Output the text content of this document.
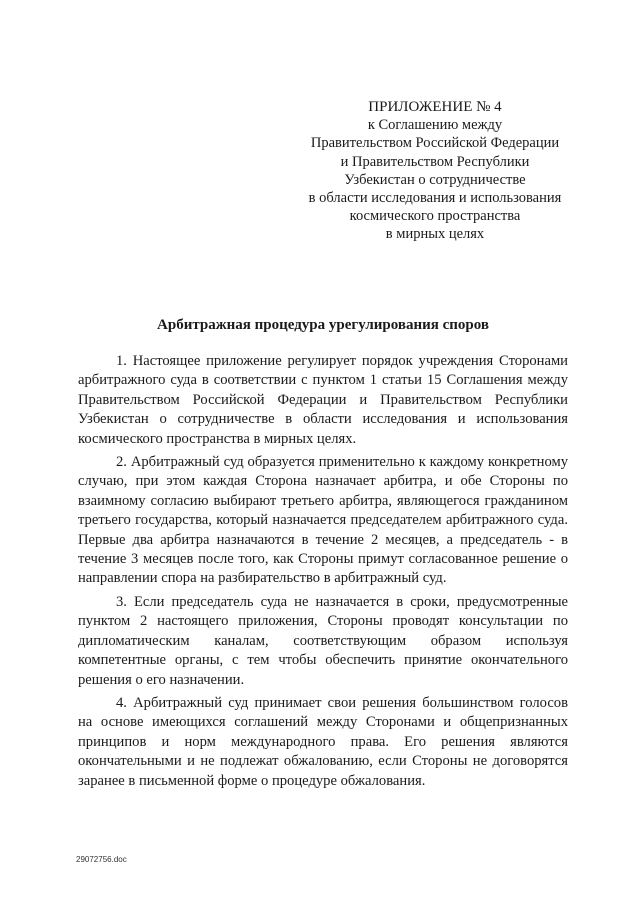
ПРИЛОЖЕНИЕ № 4
к Соглашению между
Правительством Российской Федерации
и Правительством Республики
Узбекистан о сотрудничестве
в области исследования и использования
космического пространства
в мирных целях
Арбитражная процедура урегулирования споров

1. Настоящее приложение регулирует порядок учреждения Сторонами арбитражного суда в соответствии с пунктом 1 статьи 15 Соглашения между Правительством Российской Федерации и Правительством Республики Узбекистан о сотрудничестве в области исследования и использования космического пространства в мирных целях.

2. Арбитражный суд образуется применительно к каждому конкретному случаю, при этом каждая Сторона назначает арбитра, и обе Стороны по взаимному согласию выбирают третьего арбитра, являющегося гражданином третьего государства, который назначается председателем арбитражного суда. Первые два арбитра назначаются в течение 2 месяцев, а председатель - в течение 3 месяцев после того, как Стороны примут согласованное решение о направлении спора на разбирательство в арбитражный суд.

3. Если председатель суда не назначается в сроки, предусмотренные пунктом 2 настоящего приложения, Стороны проводят консультации по дипломатическим каналам, соответствующим образом используя компетентные органы, с тем чтобы обеспечить принятие окончательного решения о его назначении.

4. Арбитражный суд принимает свои решения большинством голосов на основе имеющихся соглашений между Сторонами и общепризнанных принципов и норм международного права. Его решения являются окончательными и не подлежат обжалованию, если Стороны не договорятся заранее в письменной форме о процедуре обжалования.

29072756.doc
